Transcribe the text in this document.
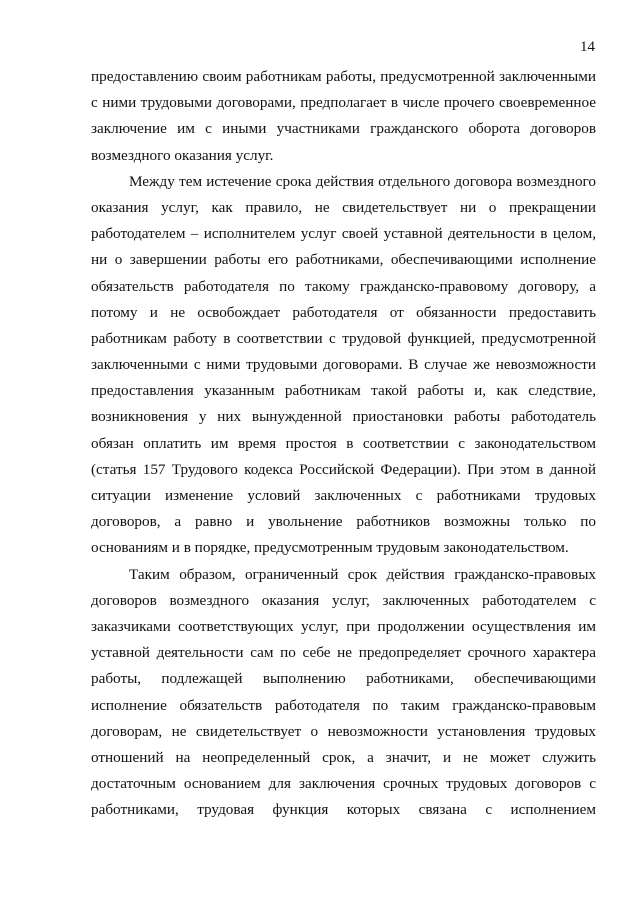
14
предоставлению своим работникам работы, предусмотренной заключенными
с ними трудовыми договорами, предполагает в числе прочего своевременное
заключение им с иными участниками гражданского оборота договоров
возмездного оказания услуг.
Между тем истечение срока действия отдельного договора возмездного
оказания услуг, как правило, не свидетельствует ни о прекращении
работодателем – исполнителем услуг своей уставной деятельности в целом,
ни о завершении работы его работниками, обеспечивающими исполнение
обязательств работодателя по такому гражданско-правовому договору, а
потому и не освобождает работодателя от обязанности предоставить
работникам работу в соответствии с трудовой функцией, предусмотренной
заключенными с ними трудовыми договорами. В случае же невозможности
предоставления указанным работникам такой работы и, как следствие,
возникновения у них вынужденной приостановки работы работодатель
обязан оплатить им время простоя в соответствии с законодательством
(статья 157 Трудового кодекса Российской Федерации). При этом в данной
ситуации изменение условий заключенных с работниками трудовых
договоров, а равно и увольнение работников возможны только по
основаниям и в порядке, предусмотренным трудовым законодательством.
Таким образом, ограниченный срок действия гражданско-правовых
договоров возмездного оказания услуг, заключенных работодателем с
заказчиками соответствующих услуг, при продолжении осуществления им
уставной деятельности сам по себе не предопределяет срочного характера
работы, подлежащей выполнению работниками, обеспечивающими
исполнение обязательств работодателя по таким гражданско-правовым
договорам, не свидетельствует о невозможности установления трудовых
отношений на неопределенный срок, а значит, и не может служить
достаточным основанием для заключения срочных трудовых договоров с
работниками, трудовая функция которых связана с исполнением
